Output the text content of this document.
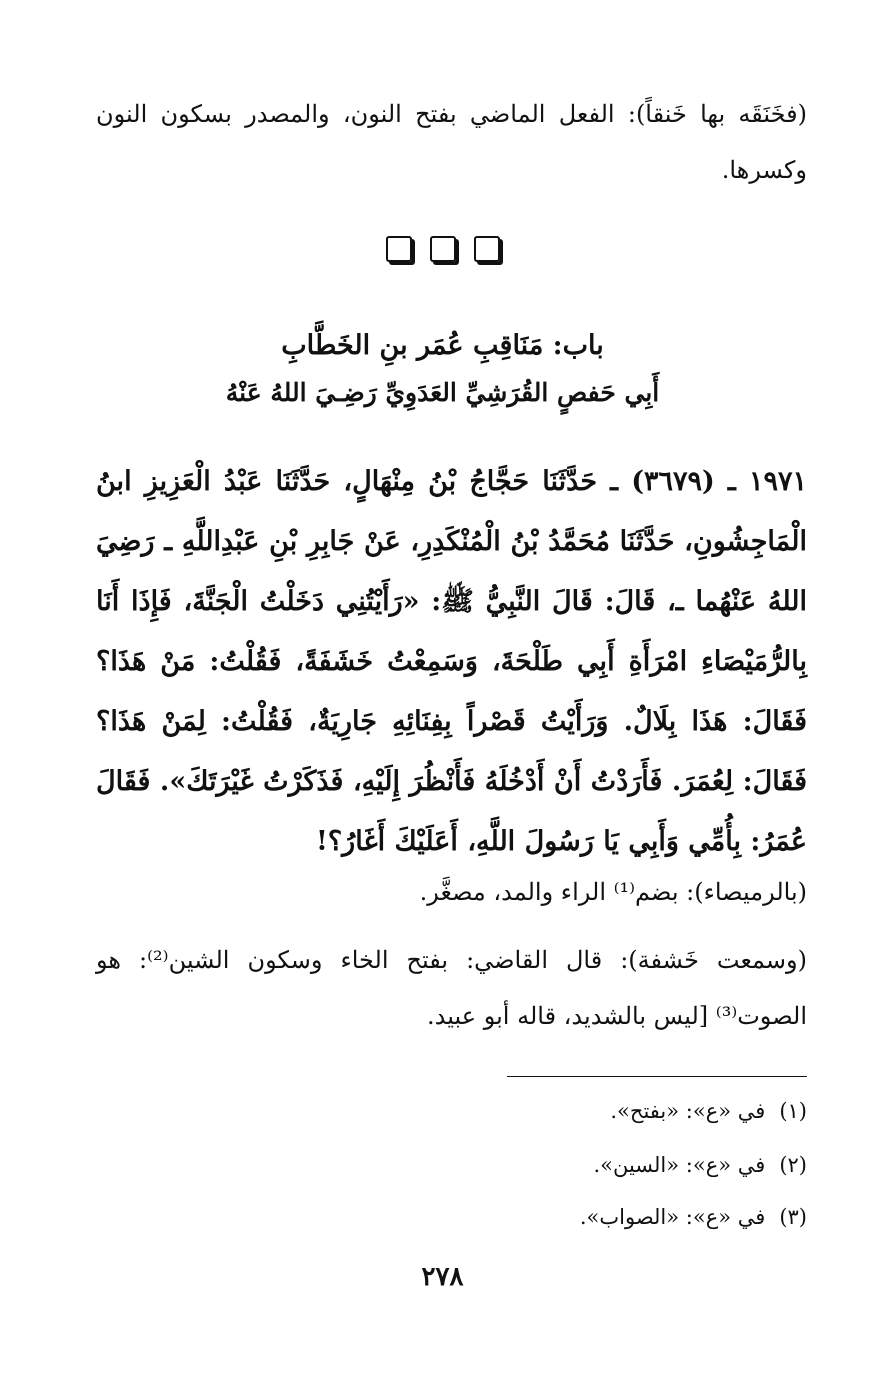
(فخَنَقَه بها خَنقاً): الفعل الماضي بفتح النون، والمصدر بسكون النون وكسرها.

باب: مَنَاقِبِ عُمَر بنِ الخَطَّابِ
أَبِي حَفصٍ القُرَشِيِّ العَدَوِيِّ رَضِـيَ اللهُ عَنْهُ

١٩٧١ ـ (٣٦٧٩) ـ حَدَّثَنَا حَجَّاجُ بْنُ مِنْهَالٍ، حَدَّثَنَا عَبْدُ الْعَزِيزِ ابنُ الْمَاجِشُونِ، حَدَّثَنَا مُحَمَّدُ بْنُ الْمُنْكَدِرِ، عَنْ جَابِرِ بْنِ عَبْدِاللَّهِ ـ رَضِيَ اللهُ عَنْهُما ـ، قَالَ: قَالَ النَّبِيُّ ﷺ: «رَأَيْتُنِي دَخَلْتُ الْجَنَّةَ، فَإِذَا أَنَا بِالرُّمَيْصَاءِ امْرَأَةِ أَبِي طَلْحَةَ، وَسَمِعْتُ خَشَفَةً، فَقُلْتُ: مَنْ هَذَا؟ فَقَالَ: هَذَا بِلَالٌ. وَرَأَيْتُ قَصْراً بِفِنَائِهِ جَارِيَةٌ، فَقُلْتُ: لِمَنْ هَذَا؟ فَقَالَ: لِعُمَرَ. فَأَرَدْتُ أَنْ أَدْخُلَهُ فَأَنْظُرَ إِلَيْهِ، فَذَكَرْتُ غَيْرَتَكَ». فَقَالَ عُمَرُ: بِأُمِّي وَأَبِي يَا رَسُولَ اللَّهِ، أَعَلَيْكَ أَغَارُ؟!

(بالرميصاء): بضم⁽¹⁾ الراء والمد، مصغَّر.

(وسمعت خَشفة): قال القاضي: بفتح الخاء وسكون الشين⁽²⁾: هو الصوت⁽³⁾ [ليس بالشديد، قاله أبو عبيد.

(١)في «ع»: «بفتح».
(٢)في «ع»: «السين».
(٣)في «ع»: «الصواب».
٢٧٨
